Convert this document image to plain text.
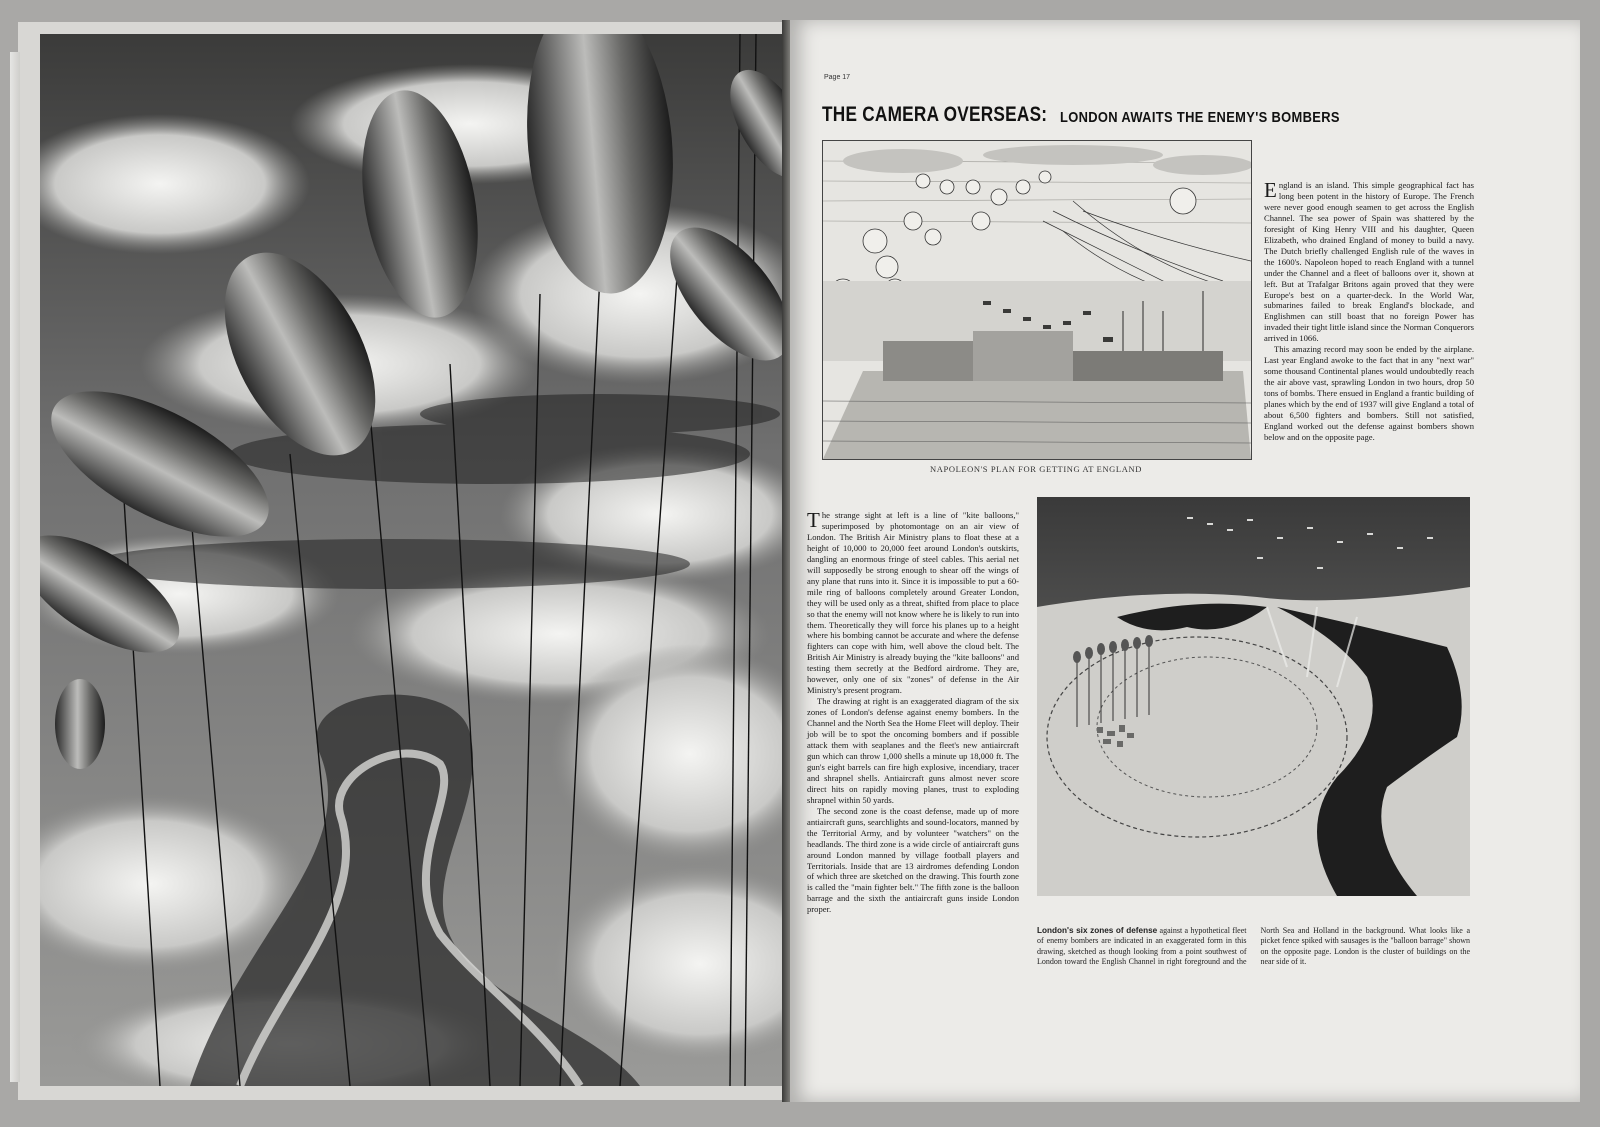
Page 17
THE CAMERA OVERSEAS: LONDON AWAITS THE ENEMY'S BOMBERS
NAPOLEON'S PLAN FOR GETTING AT ENGLAND

England is an island. This simple geographical fact has long been potent in the history of Europe. The French were never good enough seamen to get across the English Channel. The sea power of Spain was shattered by the foresight of King Henry VIII and his daughter, Queen Elizabeth, who drained England of money to build a navy. The Dutch briefly challenged English rule of the waves in the 1600's. Napoleon hoped to reach England with a tunnel under the Channel and a fleet of balloons over it, shown at left. But at Trafalgar Britons again proved that they were Europe's best on a quarter-deck. In the World War, submarines failed to break England's blockade, and Englishmen can still boast that no foreign Power has invaded their tight little island since the Norman Conquerors arrived in 1066.

This amazing record may soon be ended by the airplane. Last year England awoke to the fact that in any "next war" some thousand Continental planes would undoubtedly reach the air above vast, sprawling London in two hours, drop 50 tons of bombs. There ensued in England a frantic building of planes which by the end of 1937 will give England a total of about 6,500 fighters and bombers. Still not satisfied, England worked out the defense against bombers shown below and on the opposite page.

The strange sight at left is a line of "kite balloons," superimposed by photomontage on an air view of London. The British Air Ministry plans to float these at a height of 10,000 to 20,000 feet around London's outskirts, dangling an enormous fringe of steel cables. This aerial net will supposedly be strong enough to shear off the wings of any plane that runs into it. Since it is impossible to put a 60-mile ring of balloons completely around Greater London, they will be used only as a threat, shifted from place to place so that the enemy will not know where he is likely to run into them. Theoretically they will force his planes up to a height where his bombing cannot be accurate and where the defense fighters can cope with him, well above the cloud belt. The British Air Ministry is already buying the "kite balloons" and testing them secretly at the Bedford airdrome. They are, however, only one of six "zones" of defense in the Air Ministry's present program.

The drawing at right is an exaggerated diagram of the six zones of London's defense against enemy bombers. In the Channel and the North Sea the Home Fleet will deploy. Their job will be to spot the oncoming bombers and if possible attack them with seaplanes and the fleet's new antiaircraft gun which can throw 1,000 shells a minute up 18,000 ft. The gun's eight barrels can fire high explosive, incendiary, tracer and shrapnel shells. Antiaircraft guns almost never score direct hits on rapidly moving planes, trust to exploding shrapnel within 50 yards.

The second zone is the coast defense, made up of more antiaircraft guns, searchlights and sound-locators, manned by the Territorial Army, and by volunteer "watchers" on the headlands. The third zone is a wide circle of antiaircraft guns around London manned by village football players and Territorials. Inside that are 13 airdromes defending London of which three are sketched on the drawing. This fourth zone is called the "main fighter belt." The fifth zone is the balloon barrage and the sixth the antiaircraft guns inside London proper.

London's six zones of defense against a hypothetical fleet of enemy bombers are indicated in an exaggerated form in this drawing, sketched as though looking from a point southwest of London toward the English Channel in right foreground and the North Sea and Holland in the background. What looks like a picket fence spiked with sausages is the "balloon barrage" shown on the opposite page. London is the cluster of buildings on the near side of it.
